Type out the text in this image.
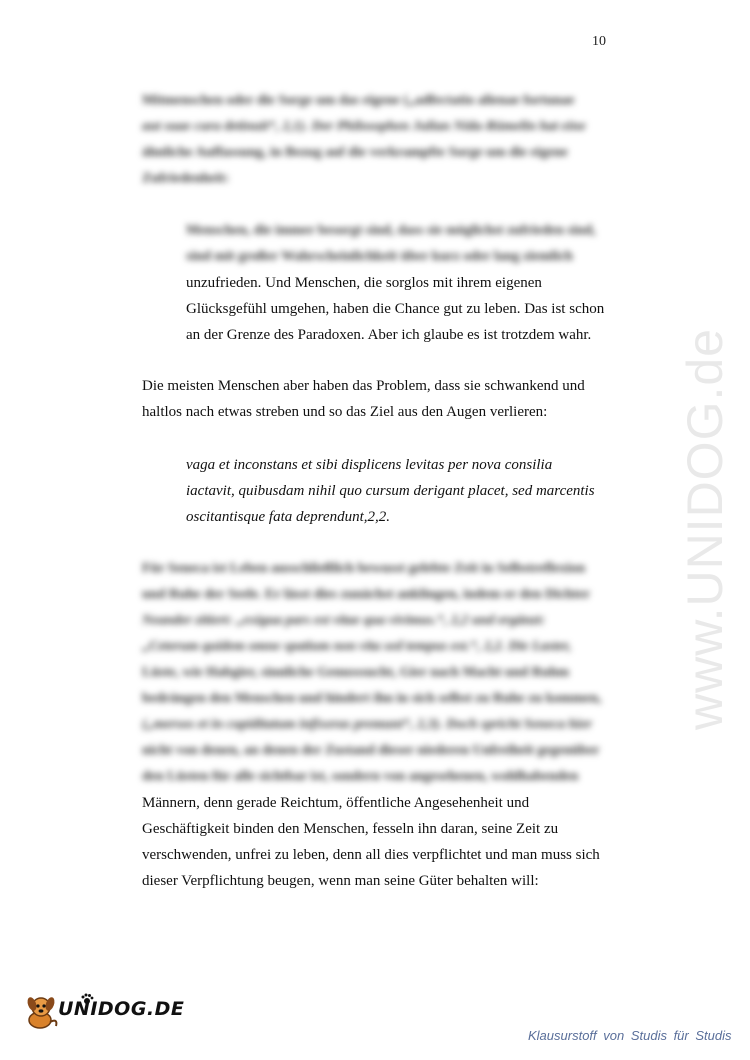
10
Mitmenschen oder die Sorge um das eigene („adfectatio alienae fortunae
aut suae cura detinuit“, 2,1). Der Philosophen Julian Nida-Rümelin hat eine
ähnliche Auffassung, in Bezug auf die verkrampfte Sorge um die eigene
Zufriedenheit:
Menschen, die immer besorgt sind, dass sie möglichst zufrieden sind,
sind mit großer Wahrscheinlichkeit über kurz oder lang ziemlich
unzufrieden. Und Menschen, die sorglos mit ihrem eigenen
Glücksgefühl umgehen, haben die Chance gut zu leben. Das ist schon
an der Grenze des Paradoxen. Aber ich glaube es ist trotzdem wahr.
Die meisten Menschen aber haben das Problem, dass sie schwankend und
haltlos nach etwas streben und so das Ziel aus den Augen verlieren:
vaga et inconstans et sibi displicens levitas per nova consilia
iactavit, quibusdam nihil quo cursum derigant placet, sed marcentis
oscitantisque fata deprendunt,2,2.
Für Seneca ist Leben ausschließlich bewusst gelebte Zeit in Selbstreflexion
und Ruhe der Seele. Er lässt dies zunächst anklingen, indem er den Dichter
Neander zitiert: „exigua pars est vitae qua vivimus.“, 2,2 und ergänzt:
„Ceterum quidem omne spatium non vita sed tempus est.“, 2,2. Die Laster,
Lüste, wie Habgier, sinnliche Genusssucht, Gier nach Macht und Ruhm
bedrängen den Menschen und hindert ihn in sich selbst zu Ruhe zu kommen,
(„mersos et in cupiditatum infixeras premunt“, 2,3). Doch spricht Seneca hier
nicht von denen, an denen der Zustand dieser niederen Unfreiheit gegenüber
den Lüsten für alle sichtbar ist, sondern von angesehenen, wohlhabenden
Männern, denn gerade Reichtum, öffentliche Angesehenheit und
Geschäftigkeit binden den Menschen, fesseln ihn daran, seine Zeit zu
verschwenden, unfrei zu leben, denn all dies verpflichtet und man muss sich
dieser Verpflichtung beugen, wenn man seine Güter behalten will:
www.UNIDOG.de
UNIDOG.DE
Klausurstoff von Studis für Studis
